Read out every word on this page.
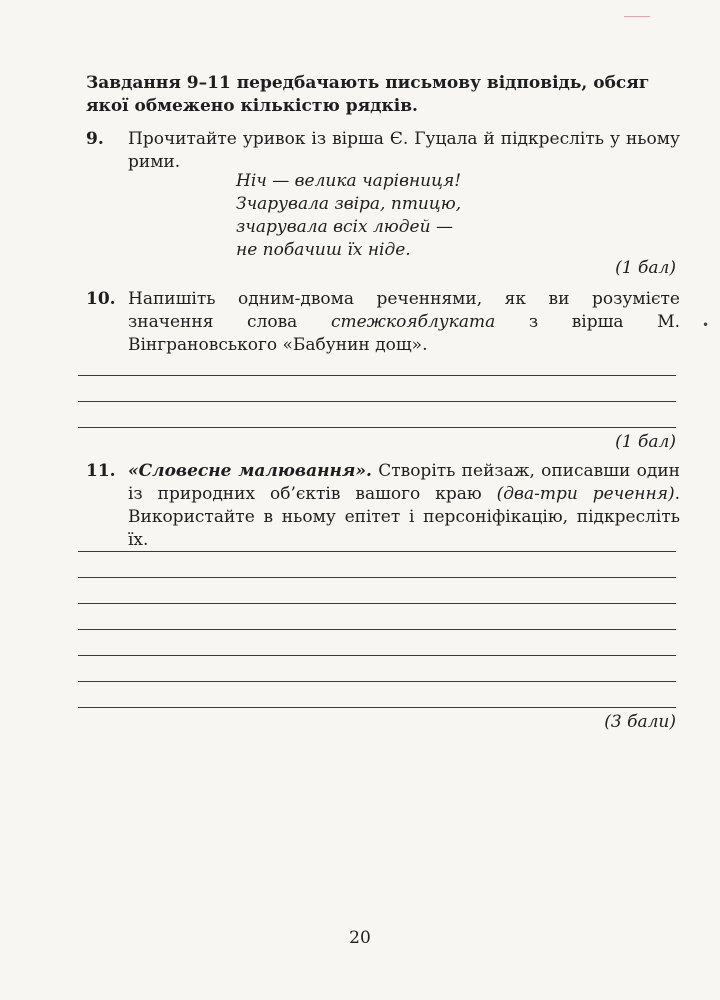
Завдання 9–11 передбачають письмову відповідь, обсяг якої обмежено кількістю рядків.
9. Прочитайте уривок із вірша Є. Гуцала й підкресліть у ньому рими.
Ніч — велика чарівниця!
Зчарувала звіра, птицю,
зчарувала всіх людей —
не побачиш їх ніде.
(1 бал)
10. Напишіть одним-двома реченнями, як ви розумієте значення слова стежкояблуката з вірша М. Вінграновського «Бабунин дощ».
•
(1 бал)
11. «Словесне малювання». Створіть пейзаж, описавши один із природних об’єктів вашого краю (два-три речення). Використайте в ньому епітет і персоніфікацію, підкресліть їх.
(3 бали)
20
